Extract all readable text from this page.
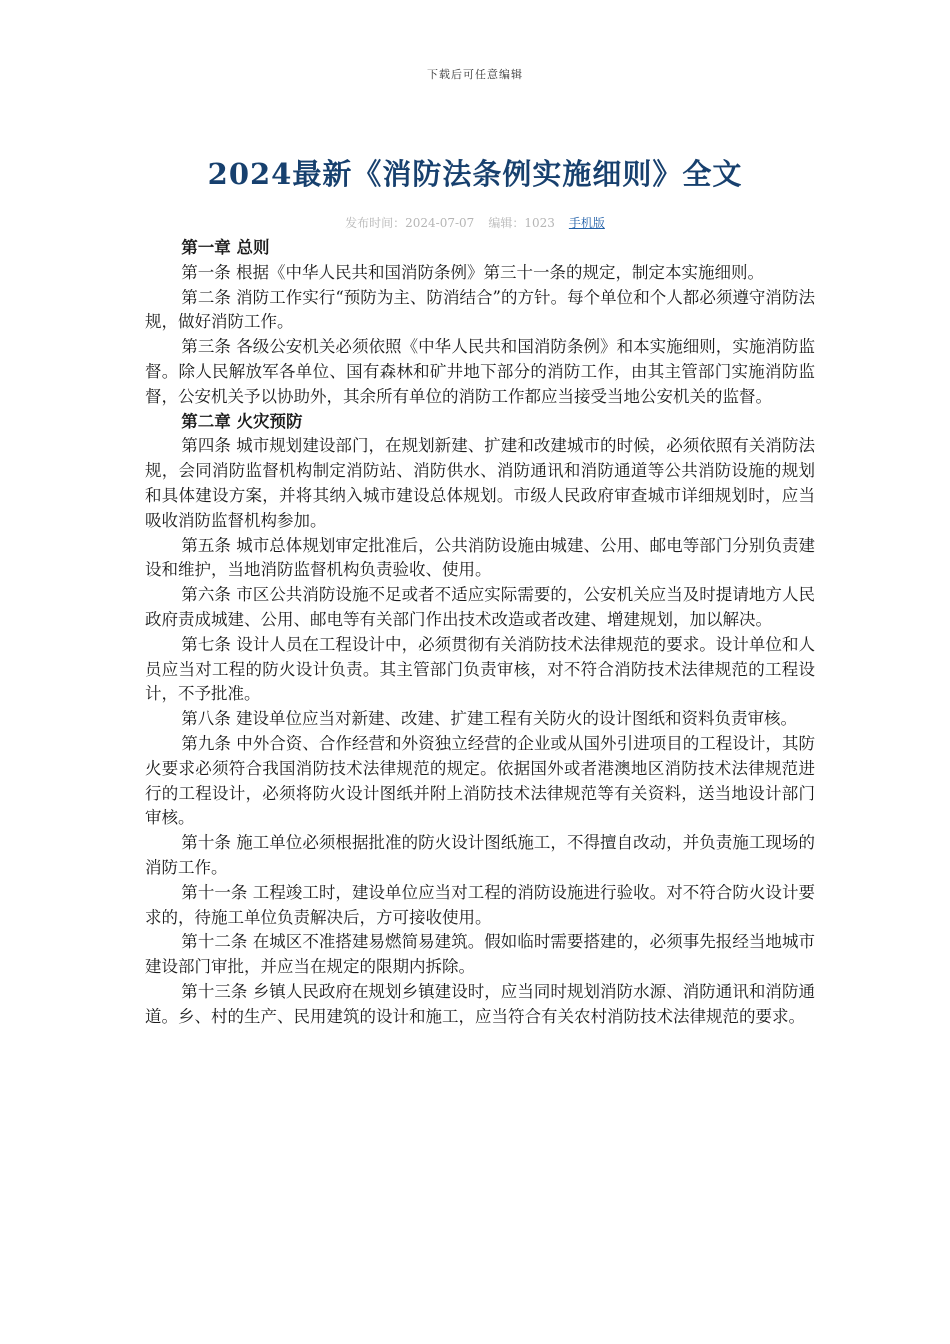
下载后可任意编辑
2024最新《消防法条例实施细则》全文
发布时间：2024-07-07 编辑：1023 手机版

第一章 总则

第一条 根据《中华人民共和国消防条例》第三十一条的规定，制定本实施细则。

第二条 消防工作实行“预防为主、防消结合”的方针。每个单位和个人都必须遵守消防法规，做好消防工作。

第三条 各级公安机关必须依照《中华人民共和国消防条例》和本实施细则，实施消防监督。除人民解放军各单位、国有森林和矿井地下部分的消防工作，由其主管部门实施消防监督，公安机关予以协助外，其余所有单位的消防工作都应当接受当地公安机关的监督。

第二章 火灾预防

第四条 城市规划建设部门，在规划新建、扩建和改建城市的时候，必须依照有关消防法规，会同消防监督机构制定消防站、消防供水、消防通讯和消防通道等公共消防设施的规划和具体建设方案，并将其纳入城市建设总体规划。市级人民政府审查城市详细规划时，应当吸收消防监督机构参加。

第五条 城市总体规划审定批准后，公共消防设施由城建、公用、邮电等部门分别负责建设和维护，当地消防监督机构负责验收、使用。

第六条 市区公共消防设施不足或者不适应实际需要的，公安机关应当及时提请地方人民政府责成城建、公用、邮电等有关部门作出技术改造或者改建、增建规划，加以解决。

第七条 设计人员在工程设计中，必须贯彻有关消防技术法律规范的要求。设计单位和人员应当对工程的防火设计负责。其主管部门负责审核，对不符合消防技术法律规范的工程设计，不予批准。

第八条 建设单位应当对新建、改建、扩建工程有关防火的设计图纸和资料负责审核。

第九条 中外合资、合作经营和外资独立经营的企业或从国外引进项目的工程设计，其防火要求必须符合我国消防技术法律规范的规定。依据国外或者港澳地区消防技术法律规范进行的工程设计，必须将防火设计图纸并附上消防技术法律规范等有关资料，送当地设计部门审核。

第十条 施工单位必须根据批准的防火设计图纸施工，不得擅自改动，并负责施工现场的消防工作。

第十一条 工程竣工时，建设单位应当对工程的消防设施进行验收。对不符合防火设计要求的，待施工单位负责解决后，方可接收使用。

第十二条 在城区不准搭建易燃简易建筑。假如临时需要搭建的，必须事先报经当地城市建设部门审批，并应当在规定的限期内拆除。

第十三条 乡镇人民政府在规划乡镇建设时，应当同时规划消防水源、消防通讯和消防通道。乡、村的生产、民用建筑的设计和施工，应当符合有关农村消防技术法律规范的要求。
